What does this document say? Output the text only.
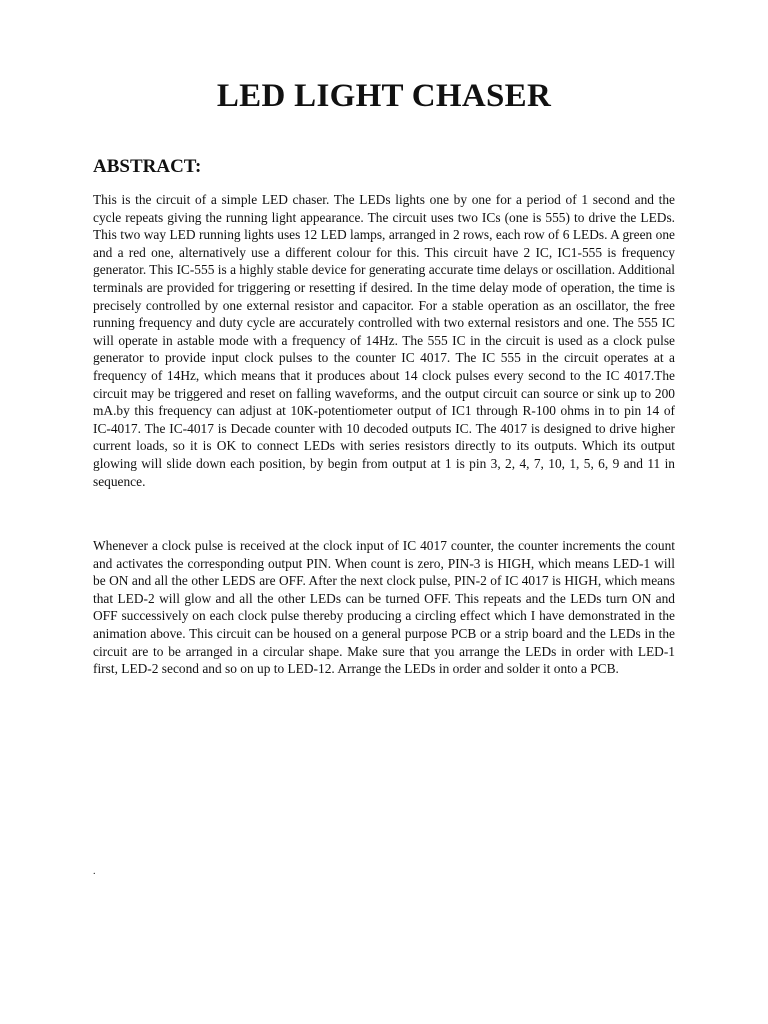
LED LIGHT CHASER
ABSTRACT:

This is the circuit of a simple LED chaser. The LEDs lights one by one for a period of 1 second and the cycle repeats giving the running light appearance. The circuit uses two ICs (one is 555) to drive the LEDs. This two way LED running lights uses 12 LED lamps, arranged in 2 rows, each row of 6 LEDs. A green one and a red one, alternatively use a different colour for this. This circuit have 2 IC, IC1-555 is frequency generator. This IC-555 is a highly stable device for generating accurate time delays or oscillation. Additional terminals are provided for triggering or resetting if desired. In the time delay mode of operation, the time is precisely controlled by one external resistor and capacitor. For a stable operation as an oscillator, the free running frequency and duty cycle are accurately controlled with two external resistors and one. The 555 IC will operate in astable mode with a frequency of 14Hz. The 555 IC in the circuit is used as a clock pulse generator to provide input clock pulses to the counter IC 4017. The IC 555 in the circuit operates at a frequency of 14Hz, which means that it produces about 14 clock pulses every second to the IC 4017.The circuit may be triggered and reset on falling waveforms, and the output circuit can source or sink up to 200 mA.by this frequency can adjust at 10K-potentiometer output of IC1 through R-100 ohms in to pin 14 of IC-4017. The IC-4017 is Decade counter with 10 decoded outputs IC. The 4017 is designed to drive higher current loads, so it is OK to connect LEDs with series resistors directly to its outputs. Which its output glowing will slide down each position, by begin from output at 1 is pin 3, 2, 4, 7, 10, 1, 5, 6, 9 and 11 in sequence.

Whenever a clock pulse is received at the clock input of IC 4017 counter, the counter increments the count and activates the corresponding output PIN. When count is zero, PIN-3 is HIGH, which means LED-1 will be ON and all the other LEDS are OFF. After the next clock pulse, PIN-2 of IC 4017 is HIGH, which means that LED-2 will glow and all the other LEDs can be turned OFF. This repeats and the LEDs turn ON and OFF successively on each clock pulse thereby producing a circling effect which I have demonstrated in the animation above. This circuit can be housed on a general purpose PCB or a strip board and the LEDs in the circuit are to be arranged in a circular shape. Make sure that you arrange the LEDs in order with LED-1 first, LED-2 second and so on up to LED-12. Arrange the LEDs in order and solder it onto a PCB.

.
